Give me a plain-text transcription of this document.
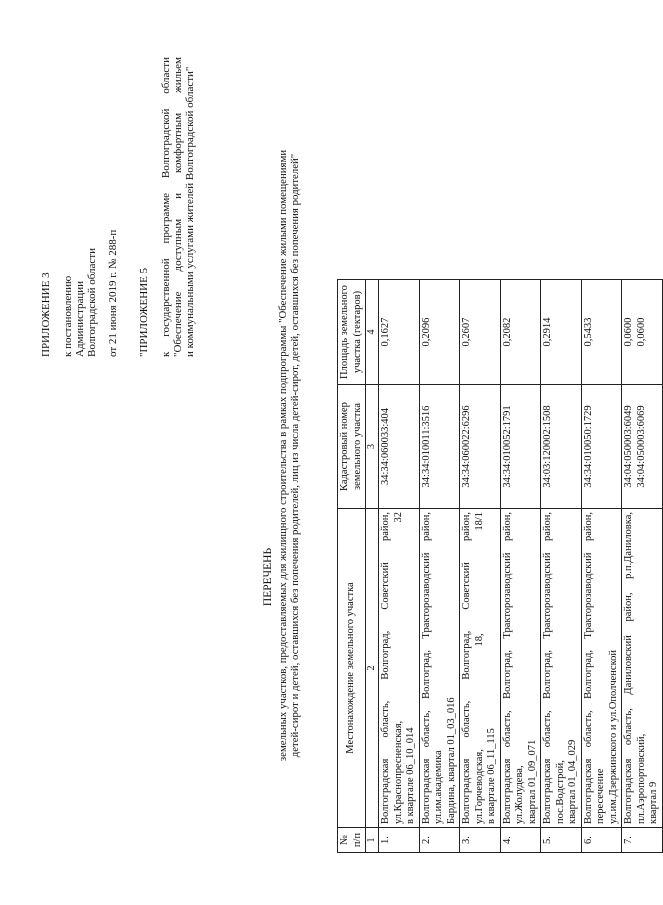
ПРИЛОЖЕНИЕ 3 к постановлению Администрации Волгоградской области от 21 июня 2019 г. № 288-п "ПРИЛОЖЕНИЕ 5 к государственной программе Волгоградской области "Обеспечение доступным и комфортным жильем и коммунальными услугами жителей Волгоградской области"
ПЕРЕЧЕНЬ земельных участков, предоставляемых для жилищного строительства в рамках подпрограммы "Обеспечение жилыми помещениями детей-сирот и детей, оставшихся без попечения родителей, лиц из числа детей-сирот, детей, оставшихся без попечения родителей"
№ п/п	Местонахождение земельного участка	Кадастровый номер земельного участка	Площадь земельного участка (гектаров)
1	2	3	4
1.	Волгоградская область, Волгоград, Советский район, ул.Краснопресненская, 32 в квартале 06_10_014	34:34:060033:404	0,1627
2.	Волгоградская область, Волгоград, Тракторозаводский район, ул.им.академика Бардина, квартал 01_03_016	34:34:010011:3516	0,2096
3.	Волгоградская область, Волгоград, Советский район, ул.Горчеводская, 18, 18/1 в квартале 06_11_115	34:34:060022:6296	0,2607
4.	Волгоградская область, Волгоград, Тракторозаводский район, ул.Жолудева, квартал 01_09_071	34:34:010052:1791	0,2082
5.	Волгоградская область, Волгоград, Тракторозаводский район, пос.Водстрой, квартал 01_04_029	34:03:120002:1508	0,2914
6.	Волгоградская область, Волгоград, Тракторозаводский район, пересечение ул.им.Дзержинского и ул.Ополченской	34:34:010050:1729	0,5433
7.	Волгоградская область, Даниловский район, р.п.Даниловка, пл.Аэропортовский, квартал 9	34:04:050003:6049 34:04:050003:6069	0,0600 0,0600
